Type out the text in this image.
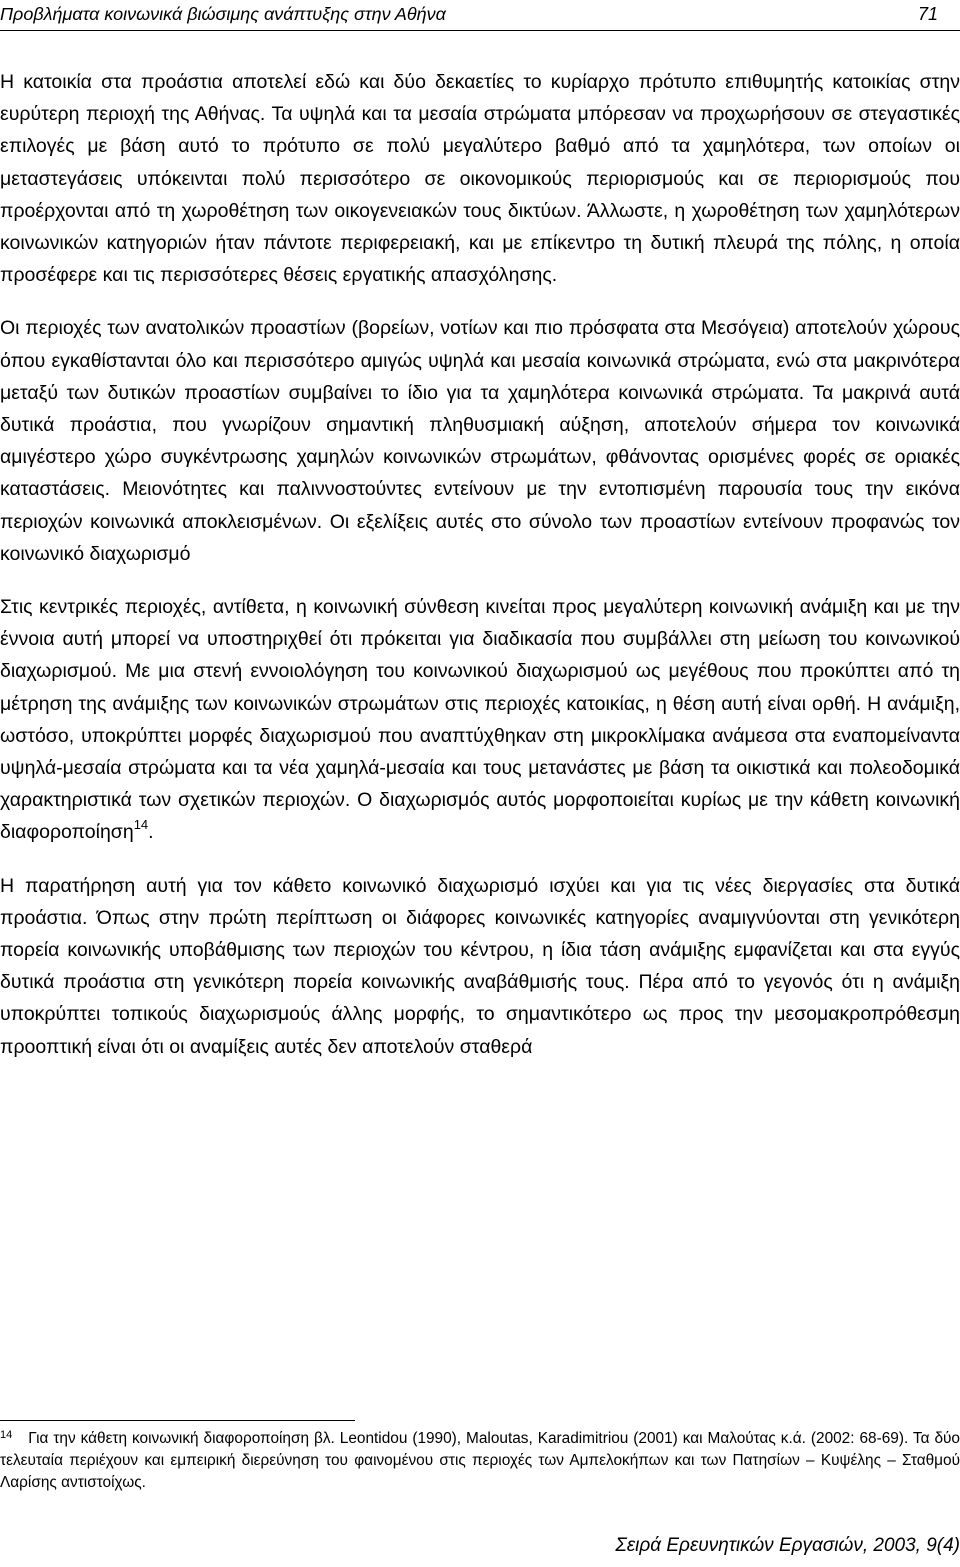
Προβλήματα κοινωνικά βιώσιμης ανάπτυξης στην Αθήνα	71

Η κατοικία στα προάστια αποτελεί εδώ και δύο δεκαετίες το κυρίαρχο πρότυπο επιθυμητής κατοικίας στην ευρύτερη περιοχή της Αθήνας. Τα υψηλά και τα μεσαία στρώματα μπόρεσαν να προχωρήσουν σε στεγαστικές επιλογές με βάση αυτό το πρότυπο σε πολύ μεγαλύτερο βαθμό από τα χαμηλότερα, των οποίων οι μεταστεγάσεις υπόκεινται πολύ περισσότερο σε οικονομικούς περιορισμούς και σε περιορισμούς που προέρχονται από τη χωροθέτηση των οικογενειακών τους δικτύων. Άλλωστε, η χωροθέτηση των χαμηλότερων κοινωνικών κατηγοριών ήταν πάντοτε περιφερειακή, και με επίκεντρο τη δυτική πλευρά της πόλης, η οποία προσέφερε και τις περισσότερες θέσεις εργατικής απασχόλησης.

Οι περιοχές των ανατολικών προαστίων (βορείων, νοτίων και πιο πρόσφατα στα Μεσόγεια) αποτελούν χώρους όπου εγκαθίστανται όλο και περισσότερο αμιγώς υψηλά και μεσαία κοινωνικά στρώματα, ενώ στα μακρινότερα μεταξύ των δυτικών προαστίων συμβαίνει το ίδιο για τα χαμηλότερα κοινωνικά στρώματα. Τα μακρινά αυτά δυτικά προάστια, που γνωρίζουν σημαντική πληθυσμιακή αύξηση, αποτελούν σήμερα τον κοινωνικά αμιγέστερο χώρο συγκέντρωσης χαμηλών κοινωνικών στρωμάτων, φθάνοντας ορισμένες φορές σε οριακές καταστάσεις. Μειονότητες και παλιννοστούντες εντείνουν με την εντοπισμένη παρουσία τους την εικόνα περιοχών κοινωνικά αποκλεισμένων. Οι εξελίξεις αυτές στο σύνολο των προαστίων εντείνουν προφανώς τον κοινωνικό διαχωρισμό

Στις κεντρικές περιοχές, αντίθετα, η κοινωνική σύνθεση κινείται προς μεγαλύτερη κοινωνική ανάμιξη και με την έννοια αυτή μπορεί να υποστηριχθεί ότι πρόκειται για διαδικασία που συμβάλλει στη μείωση του κοινωνικού διαχωρισμού. Με μια στενή εννοιολόγηση του κοινωνικού διαχωρισμού ως μεγέθους που προκύπτει από τη μέτρηση της ανάμιξης των κοινωνικών στρωμάτων στις περιοχές κατοικίας, η θέση αυτή είναι ορθή. Η ανάμιξη, ωστόσο, υποκρύπτει μορφές διαχωρισμού που αναπτύχθηκαν στη μικροκλίμακα ανάμεσα στα εναπομείναντα υψηλά-μεσαία στρώματα και τα νέα χαμηλά-μεσαία και τους μετανάστες με βάση τα οικιστικά και πολεοδομικά χαρακτηριστικά των σχετικών περιοχών. Ο διαχωρισμός αυτός μορφοποιείται κυρίως με την κάθετη κοινωνική διαφοροποίηση$^{14}$.

Η παρατήρηση αυτή για τον κάθετο κοινωνικό διαχωρισμό ισχύει και για τις νέες διεργασίες στα δυτικά προάστια. Όπως στην πρώτη περίπτωση οι διάφορες κοινωνικές κατηγορίες αναμιγνύονται στη γενικότερη πορεία κοινωνικής υποβάθμισης των περιοχών του κέντρου, η ίδια τάση ανάμιξης εμφανίζεται και στα εγγύς δυτικά προάστια στη γενικότερη πορεία κοινωνικής αναβάθμισής τους. Πέρα από το γεγονός ότι η ανάμιξη υποκρύπτει τοπικούς διαχωρισμούς άλλης μορφής, το σημαντικότερο ως προς την μεσομακροπρόθεσμη προοπτική είναι ότι οι αναμίξεις αυτές δεν αποτελούν σταθερά

$^{14}$ Για την κάθετη κοινωνική διαφοροποίηση βλ. Leontidou (1990), Maloutas, Karadimitriou (2001) και Μαλούτας κ.ά. (2002: 68-69). Τα δύο τελευταία περιέχουν και εμπειρική διερεύνηση του φαινομένου στις περιοχές των Αμπελοκήπων και των Πατησίων – Κυψέλης – Σταθμού Λαρίσης αντιστοίχως.

Σειρά Ερευνητικών Εργασιών, 2003, 9(4)
